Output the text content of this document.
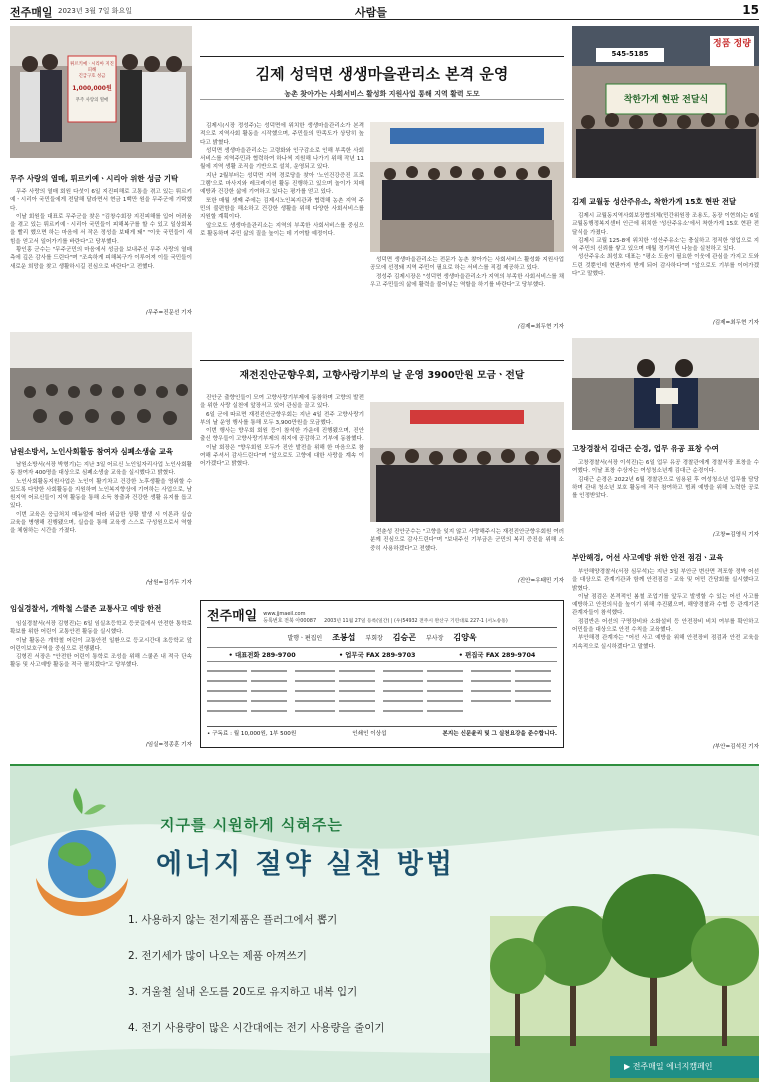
전주매일 2023년 3월 7일 화요일	사람들	15
튀르키예ㆍ시리아 지진피해
긴급구호 성금
1,000,000원
무주 사랑의 열매
무주 사랑의 열매, 튀르키예ㆍ시리아 위한 성금 기탁

무주 사랑의 열매 회원 다섯이 6일 지진피해로 고통을 겪고 있는 튀르키예ㆍ시리아 국민들에게 전달해 달라면서 현금 1백만 원을 무주군에 기탁했다.

이날 회원들 대표로 무주군을 찾은 "김창수회장 지진피해를 입어 어려움을 겪고 있는 튀르키예ㆍ시리아 국민들이 피해복구를 할 수 있고 일상회복을 빨리 했으면 하는 마음에 서 작은 정성을 보태게 돼" "이웃 국민들이 새 힘을 얻고서 일어가기를 바란다"고 당부했다.

황인홍 군수는 "무주군민의 마음에서 성금을 보내주신 무주 사랑의 열매 측에 깊은 감사를 드린다"며 "조속하게 피해복구가 이루어져 이들 국민들이 새로운 희망을 찾고 생활하시길 진심으로 바란다"고 전했다.

/무주=진문선 기자
남원소방서, 노인사회활동 참여자 심폐소생술 교육

남원소방서(서장 박형기)는 지난 3일 어르신 노인일자리사업 노인사회활동 참여자 400명을 대상으로 심폐소생술 교육을 실시했다고 밝혔다.

노인사회활동지원사업은 노인이 활기차고 건강한 노후생활을 영위할 수 있도록 다양한 사회활동을 지원하며 노인복지향상에 기여하는 사업으로, 남원지역 어르신들이 지역 활동을 통해 소득 창출과 건강한 생활 유지를 돕고 있다.

이번 교육은 응급처치 매뉴얼에 따라 위급한 상황 발생 시 이론과 실습 교육을 병행해 진행됐으며, 실습을 통해 교육생 스스로 구성원으로서 역할을 체험하는 시간을 가졌다.

/남원=김기두 기자
임실경찰서, 개학철 스쿨존 교통사고 예방 한전

임실경찰서(서장 김형진)는 6일 임실초등학교 등굣길에서 안전한 통학로 확보를 위한 어린이 교통안전 활동을 실시했다.

이날 활동은 개학철 어린이 교통안전 일환으로 등교시간대 초등학교 앞 어린이보호구역을 중심으로 진행됐다.

김형진 서장은 "안전한 어린이 통학로 조성을 위해 스쿨존 내 적극 단속 활동 및 사고예방 활동을 적극 펼치겠다"고 당부했다.

/임실=정종훈 기자
김제 성덕면 생생마을관리소 본격 운영
농촌 찾아가는 사회서비스 활성화 지원사업 통해 지역 활력 도모

김제시(시장 정성주)는 성덕면에 위치한 생생마을관리소가 본격적으로 지역사회 활동을 시작했으며, 주민들의 만족도가 상당히 높다고 밝혔다.

성덕면 생생마을관리소는 고령화와 인구감소로 인해 부족한 사회서비스를 지역주민과 협력하여 하나씩 지원해 나가기 위해 작년 11월에 지역 생활 조직을 기반으로 설치, 운영되고 있다.

지난 2월부터는 성덕면 지역 경로당을 찾아 '노인건강증진 프로그램'으로 마사지와 레크레이션 활동 진행하고 있으며 놀이가 치매예방과 건강한 삶에 기여하고 있다는 평가를 얻고 있다.

또한 매월 셋째 주에는 김제시노인복지관과 협력해 농촌 지역 주민의 불편함을 해소하고 건강한 생활을 위해 다양한 사회서비스를 지원할 계획이다.

앞으로도 생생마을관리소는 지역의 부족한 사회서비스를 중심으로 활동하며 주민 삶의 질을 높이는 데 기여할 예정이다.

성덕면 생생마을관리소는 전문가 농촌 찾아가는 사회서비스 활성화 지원사업 공모에 선정돼 지역 주민이 필요로 하는 서비스를 직접 제공하고 있다.

정성주 김제시장은 "성덕면 생생마을관리소가 지역의 부족한 사회서비스를 채우고 주민들의 삶에 활력을 불어넣는 역할을 하기를 바란다"고 당부했다.

/김제=최두현 기자
재전진안군향우회, 고향사랑기부의 날 운영 3900만원 모금ㆍ전달

진안군 출향인들이 모여 고향사랑기부제에 동참하며 고향의 발전을 위한 사랑 실천에 앞장서고 있어 관심을 끌고 있다.

6일 군에 따르면 재전진안군향우회는 지난 4일 전주 고향사랑기부의 날 운영 행사를 통해 모두 3,900만원을 모금했다.

이번 행사는 향우회 회원 등이 참석한 가운데 진행됐으며, 진안 출신 향우들이 고향사랑기부제의 취지에 공감하고 기부에 동참했다.

이날 회장은 "향우회원 모두가 진안 발전을 위해 한 마음으로 참여해 주셔서 감사드린다"며 "앞으로도 고향에 대한 사랑을 계속 이어가겠다"고 밝혔다.

전춘성 진안군수는 "고향을 잊지 않고 사랑해주시는 재전진안군향우회원 여러분께 진심으로 감사드린다"며 "보내주신 기부금은 군민의 복리 증진을 위해 소중히 사용하겠다"고 전했다.

/진안=우태민 기자
전주매일 www.jjmaeil.com
등록번호 전북 아00087 2003년 11월 27일 등록(일간) | (우)54932 전주시 완산구 기린대로 227-1 (서노송동)
발행ㆍ편집인 조봉섭 부회장 김승곤 부사장 김양욱
• 대표전화 289-9700	• 업무국 FAX 289-9703	• 편집국 FAX 289-9704
• 구독료 : 월 10,000원, 1부 500원	인쇄인 이상섭	본지는 신문윤리 및 그 실천요강을 준수합니다.
545-5185
정품 정량
착한가게 현판 전달식
김제 교월동 성산주유소, 착한가게 15호 현판 전달

김제시 교월동지역사회보장협의체(민간위원장 조용도, 동장 이현희)는 6일 교월동행정복지센터 인근에 위치한 '성산주유소'에서 착한가게 15호 현판 전달식을 가졌다.

김제시 교월 125-8에 위치한 '성산주유소'는 충실하고 정직한 영업으로 지역 주민의 신뢰를 쌓고 있으며 매월 정기적인 나눔을 실천하고 있다.

성산주유소 최성호 대표는 "평소 도움이 필요한 이웃에 관심을 가지고 도와드린 것뿐인데 현판까지 받게 되어 감사하다"며 "앞으로도 기부를 이어가겠다"고 말했다.

/김제=최두현 기자
고창경찰서 김대근 순경, 업무 유공 표창 수여

고창경찰서(서장 이석진)는 6일 업무 유공 경찰관에게 경찰서장 표창을 수여했다. 이날 표창 수상자는 여성청소년계 김대근 순경이다.

김대근 순경은 2022년 6월 경찰관으로 임용된 후 여성청소년 업무를 담당하며 관내 청소년 보호 활동에 적극 참여하고 범죄 예방을 위해 노력한 공로를 인정받았다.

/고창=김영식 기자
부안해경, 어선 사고예방 위한 안전 점검ㆍ교육

부안해양경찰서(서장 심무석)는 지난 3일 부안군 변산면 격포항 정박 어선을 대상으로 관계기관과 함께 안전점검ㆍ교육 및 어민 간담회를 실시했다고 밝혔다.

이날 점검은 본격적인 봄철 조업기를 앞두고 발생할 수 있는 어선 사고를 예방하고 안전의식을 높이기 위해 추진됐으며, 해양경찰과 수협 등 관계기관 관계자들이 참석했다.

점검반은 어선의 구명장비와 소화설비 등 안전장비 비치 여부를 확인하고 어민들을 대상으로 안전 수칙을 교육했다.

부안해경 관계자는 "어선 사고 예방을 위해 안전장비 점검과 안전 교육을 지속적으로 실시하겠다"고 말했다.

/부안=김석진 기자
지구를 시원하게 식혀주는
에너지 절약 실천 방법
1. 사용하지 않는 전기제품은 플러그에서 뽑기
2. 전기세가 많이 나오는 제품 아껴쓰기
3. 겨울철 실내 온도를 20도로 유지하고 내복 입기
4. 전기 사용량이 많은 시간대에는 전기 사용량을 줄이기
▶ 전주매일 에너지캠페인
